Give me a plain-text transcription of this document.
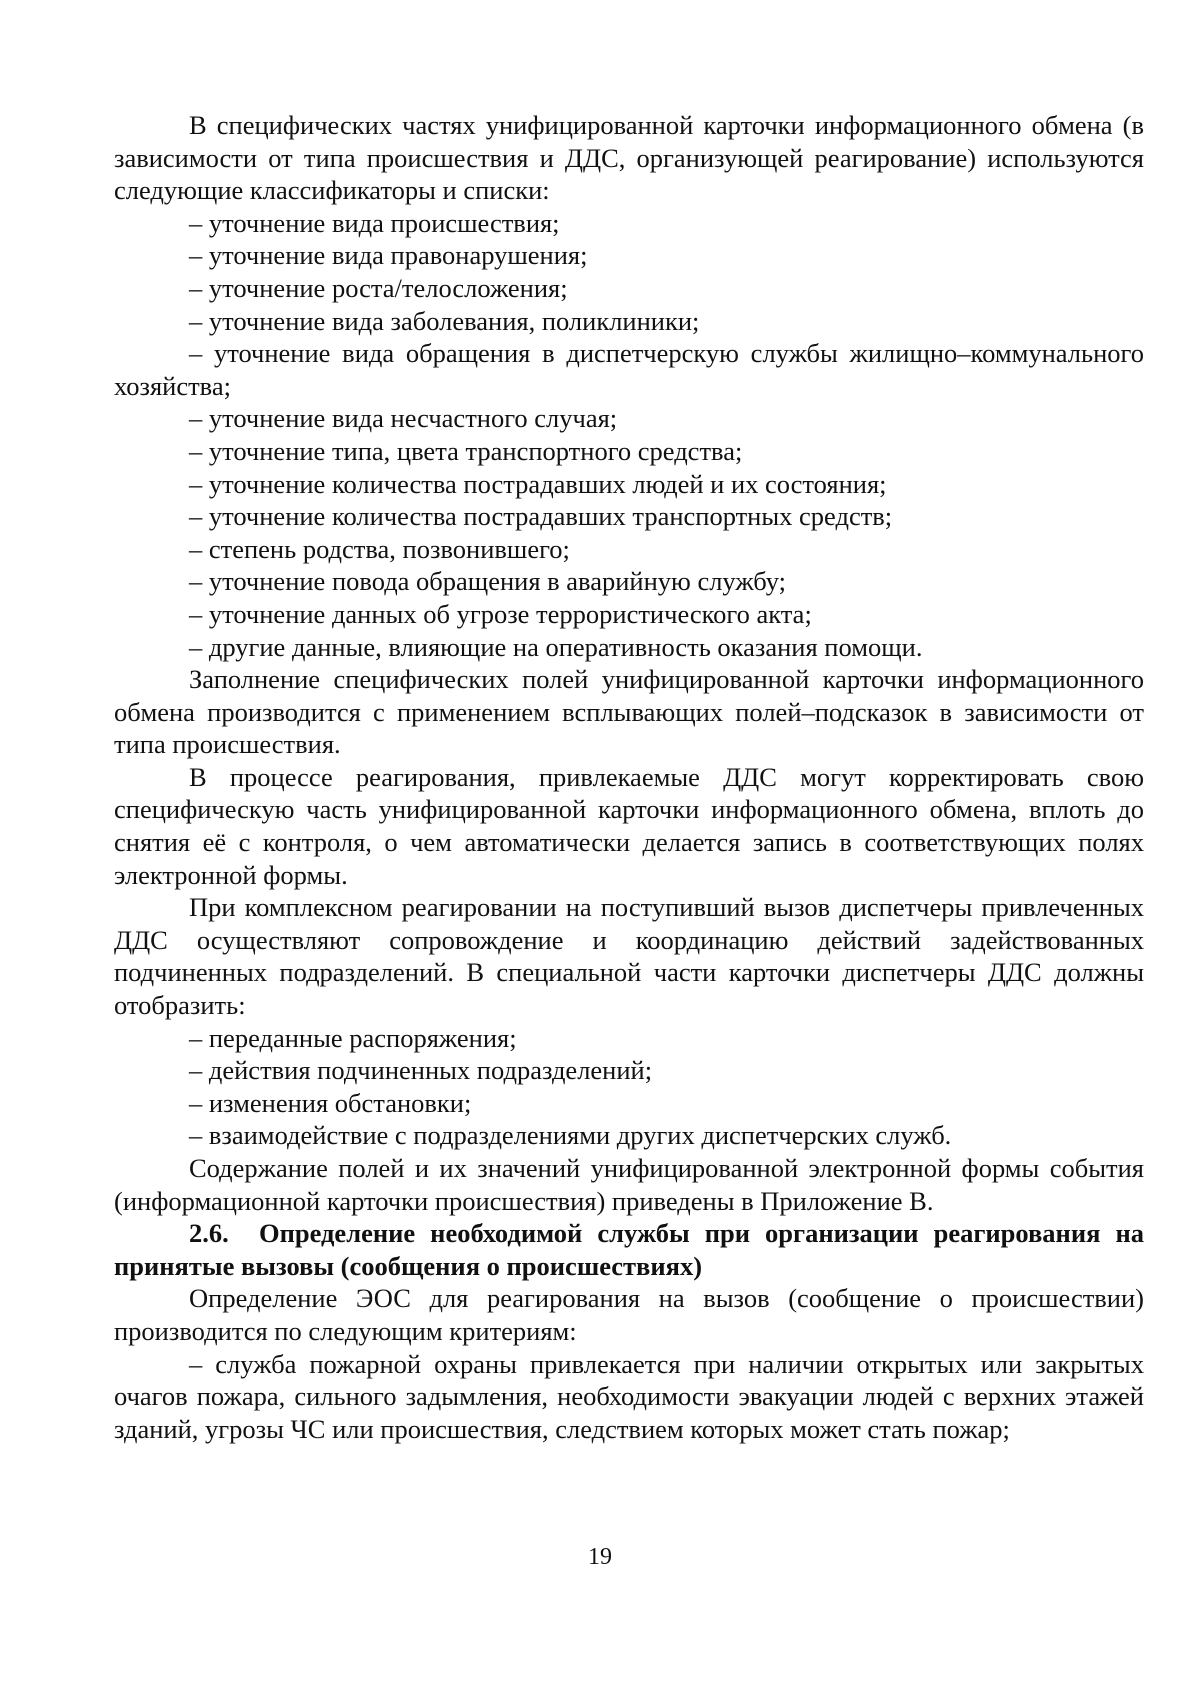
В специфических частях унифицированной карточки информационного обмена (в зависимости от типа происшествия и ДДС, организующей реагирование) используются следующие классификаторы и списки:

– уточнение вида происшествия;

– уточнение вида правонарушения;

– уточнение роста/телосложения;

– уточнение вида заболевания, поликлиники;

– уточнение вида обращения в диспетчерскую службы жилищно–коммунального хозяйства;

– уточнение вида несчастного случая;

– уточнение типа, цвета транспортного средства;

– уточнение количества пострадавших людей и их состояния;

– уточнение количества пострадавших транспортных средств;

– степень родства, позвонившего;

– уточнение повода обращения в аварийную службу;

– уточнение данных об угрозе террористического акта;

– другие данные, влияющие на оперативность оказания помощи.

Заполнение специфических полей унифицированной карточки информационного обмена производится с применением всплывающих полей–подсказок в зависимости от типа происшествия.

В процессе реагирования, привлекаемые ДДС могут корректировать свою специфическую часть унифицированной карточки информационного обмена, вплоть до снятия её с контроля, о чем автоматически делается запись в соответствующих полях электронной формы.

При комплексном реагировании на поступивший вызов диспетчеры привлеченных ДДС осуществляют сопровождение и координацию действий задействованных подчиненных подразделений. В специальной части карточки диспетчеры ДДС должны отобразить:

– переданные распоряжения;

– действия подчиненных подразделений;

– изменения обстановки;

– взаимодействие с подразделениями других диспетчерских служб.

Содержание полей и их значений унифицированной электронной формы события (информационной карточки происшествия) приведены в Приложение В.

2.6. Определение необходимой службы при организации реагирования на принятые вызовы (сообщения о происшествиях)

Определение ЭОС для реагирования на вызов (сообщение о происшествии) производится по следующим критериям:

– служба пожарной охраны привлекается при наличии открытых или закрытых очагов пожара, сильного задымления, необходимости эвакуации людей с верхних этажей зданий, угрозы ЧС или происшествия, следствием которых может стать пожар;

19
